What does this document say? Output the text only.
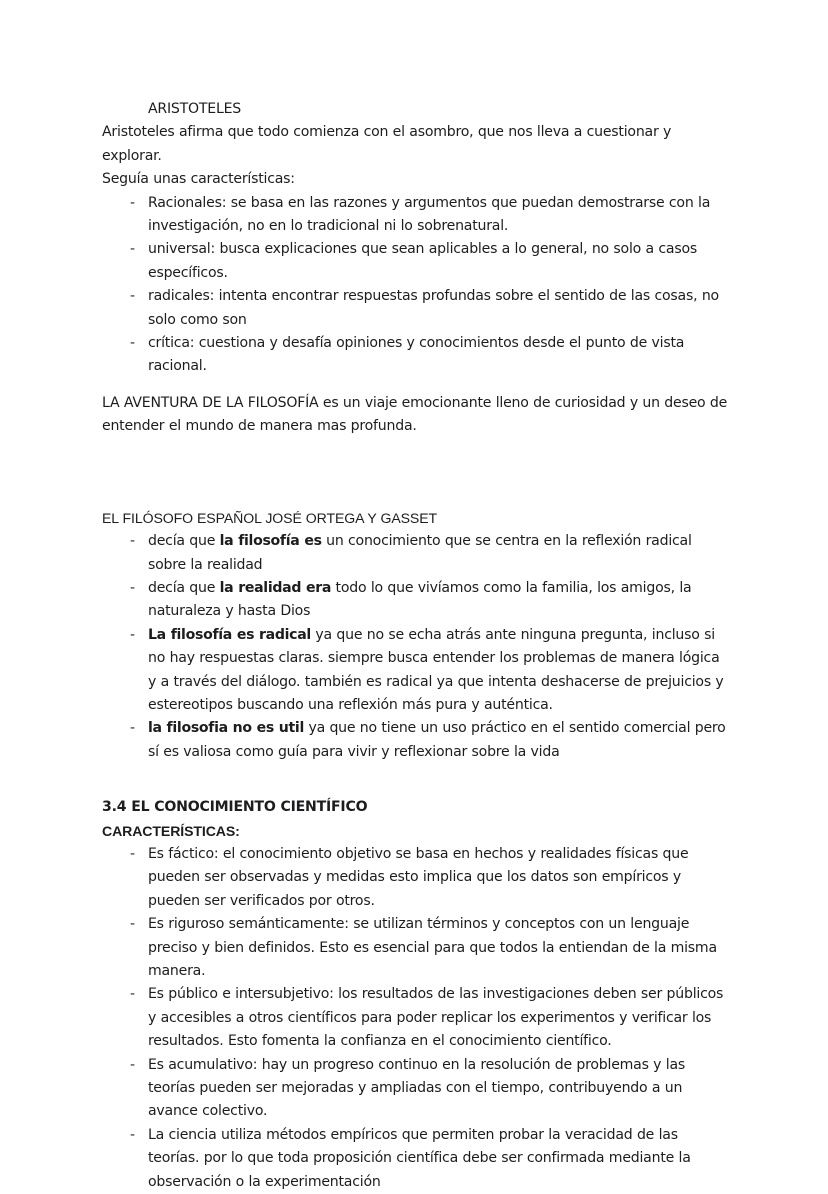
ARISTOTELES

Aristoteles afirma que todo comienza con el asombro, que nos lleva a cuestionar y explorar.

Seguía unas características:

- Racionales: se basa en las razones y argumentos que puedan demostrarse con la investigación, no en lo tradicional ni lo sobrenatural.
- universal: busca explicaciones que sean aplicables a lo general, no solo a casos específicos.
- radicales: intenta encontrar respuestas profundas sobre el sentido de las cosas, no solo como son
- crítica: cuestiona y desafía opiniones y conocimientos desde el punto de vista racional.

LA AVENTURA DE LA FILOSOFÍA es un viaje emocionante lleno de curiosidad y un deseo de entender el mundo de manera mas profunda.

EL FILÓSOFO ESPAÑOL JOSÉ ORTEGA Y GASSET

- decía que la filosofía es un conocimiento que se centra en la reflexión radical sobre la realidad
- decía que la realidad era todo lo que vivíamos como la familia, los amigos, la naturaleza y hasta Dios
- La filosofía es radical ya que no se echa atrás ante ninguna pregunta, incluso si no hay respuestas claras. siempre busca entender los problemas de manera lógica y a través del diálogo. también es radical ya que intenta deshacerse de prejuicios y estereotipos buscando una reflexión más pura y auténtica.
- la filosofia no es util ya que no tiene un uso práctico en el sentido comercial pero sí es valiosa como guía para vivir y reflexionar sobre la vida

3.4 EL CONOCIMIENTO CIENTÍFICO

CARACTERÍSTICAS:

- Es fáctico: el conocimiento objetivo se basa en hechos y realidades físicas que pueden ser observadas y medidas esto implica que los datos son empíricos y pueden ser verificados por otros.
- Es riguroso semánticamente: se utilizan términos y conceptos con un lenguaje preciso y bien definidos. Esto es esencial para que todos la entiendan de la misma manera.
- Es público e intersubjetivo: los resultados de las investigaciones deben ser públicos y accesibles a otros científicos para poder replicar los experimentos y verificar los resultados. Esto fomenta la confianza en el conocimiento científico.
- Es acumulativo: hay un progreso continuo en la resolución de problemas y las teorías pueden ser mejoradas y ampliadas con el tiempo, contribuyendo a un avance colectivo.
- La ciencia utiliza métodos empíricos que permiten probar la veracidad de las teorías. por lo que toda proposición científica debe ser confirmada mediante la observación o la experimentación
